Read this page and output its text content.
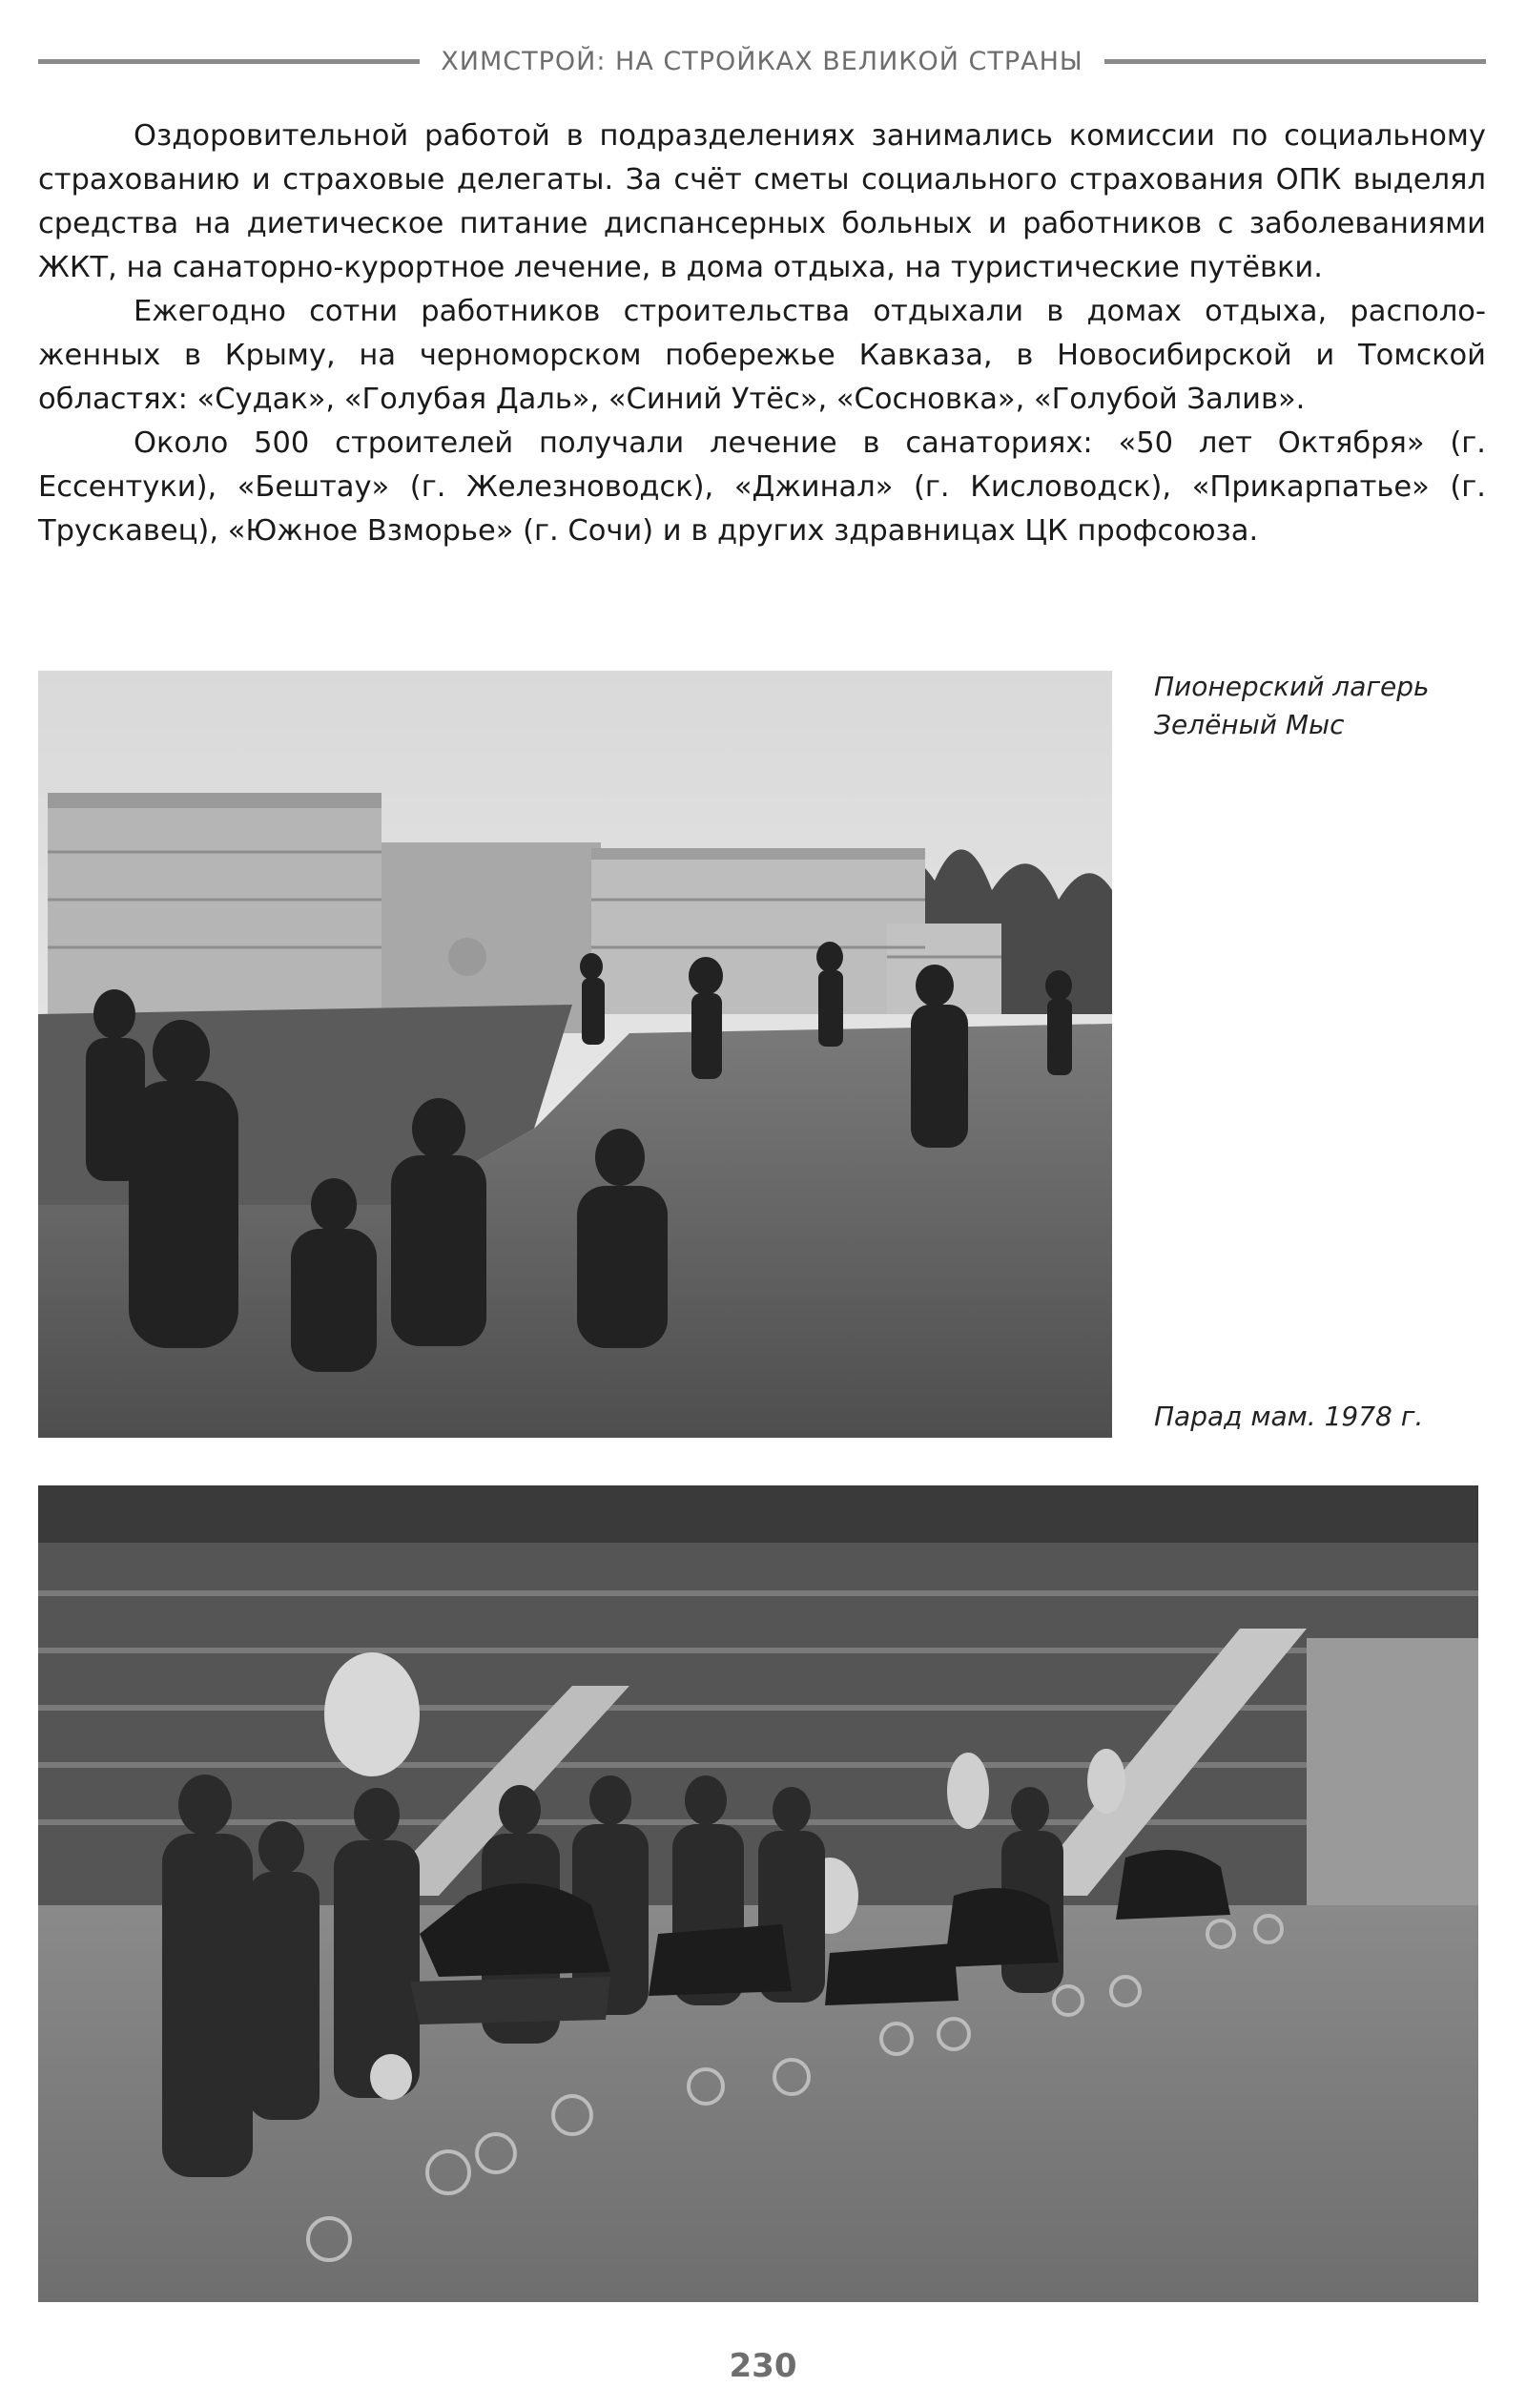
ХИМСТРОЙ: НА СТРОЙКАХ ВЕЛИКОЙ СТРАНЫ

Оздоровительной работой в подразделениях занимались комиссии по социальному страхованию и страховые делегаты. За счёт сметы социального страхования ОПК выделял средства на диетическое питание диспансерных больных и работников с заболеваниями ЖКТ, на санаторно-курортное лечение, в дома отдыха, на туристические путёвки.

Ежегодно сотни работников строительства отдыхали в домах отдыха, расположенных в Крыму, на черноморском побережье Кавказа, в Новосибирской и Томской областях: «Судак», «Голубая Даль», «Синий Утёс», «Сосновка», «Голубой Залив».

Около 500 строителей получали лечение в санаториях: «50 лет Октября» (г. Ессентуки), «Бештау» (г. Железноводск), «Джинал» (г. Кисловодск), «Прикарпатье» (г. Трускавец), «Южное Взморье» (г. Сочи) и в других здравницах ЦК профсоюза.

Пионерский лагерь
Зелёный Мыс
Парад мам. 1978 г.
230
